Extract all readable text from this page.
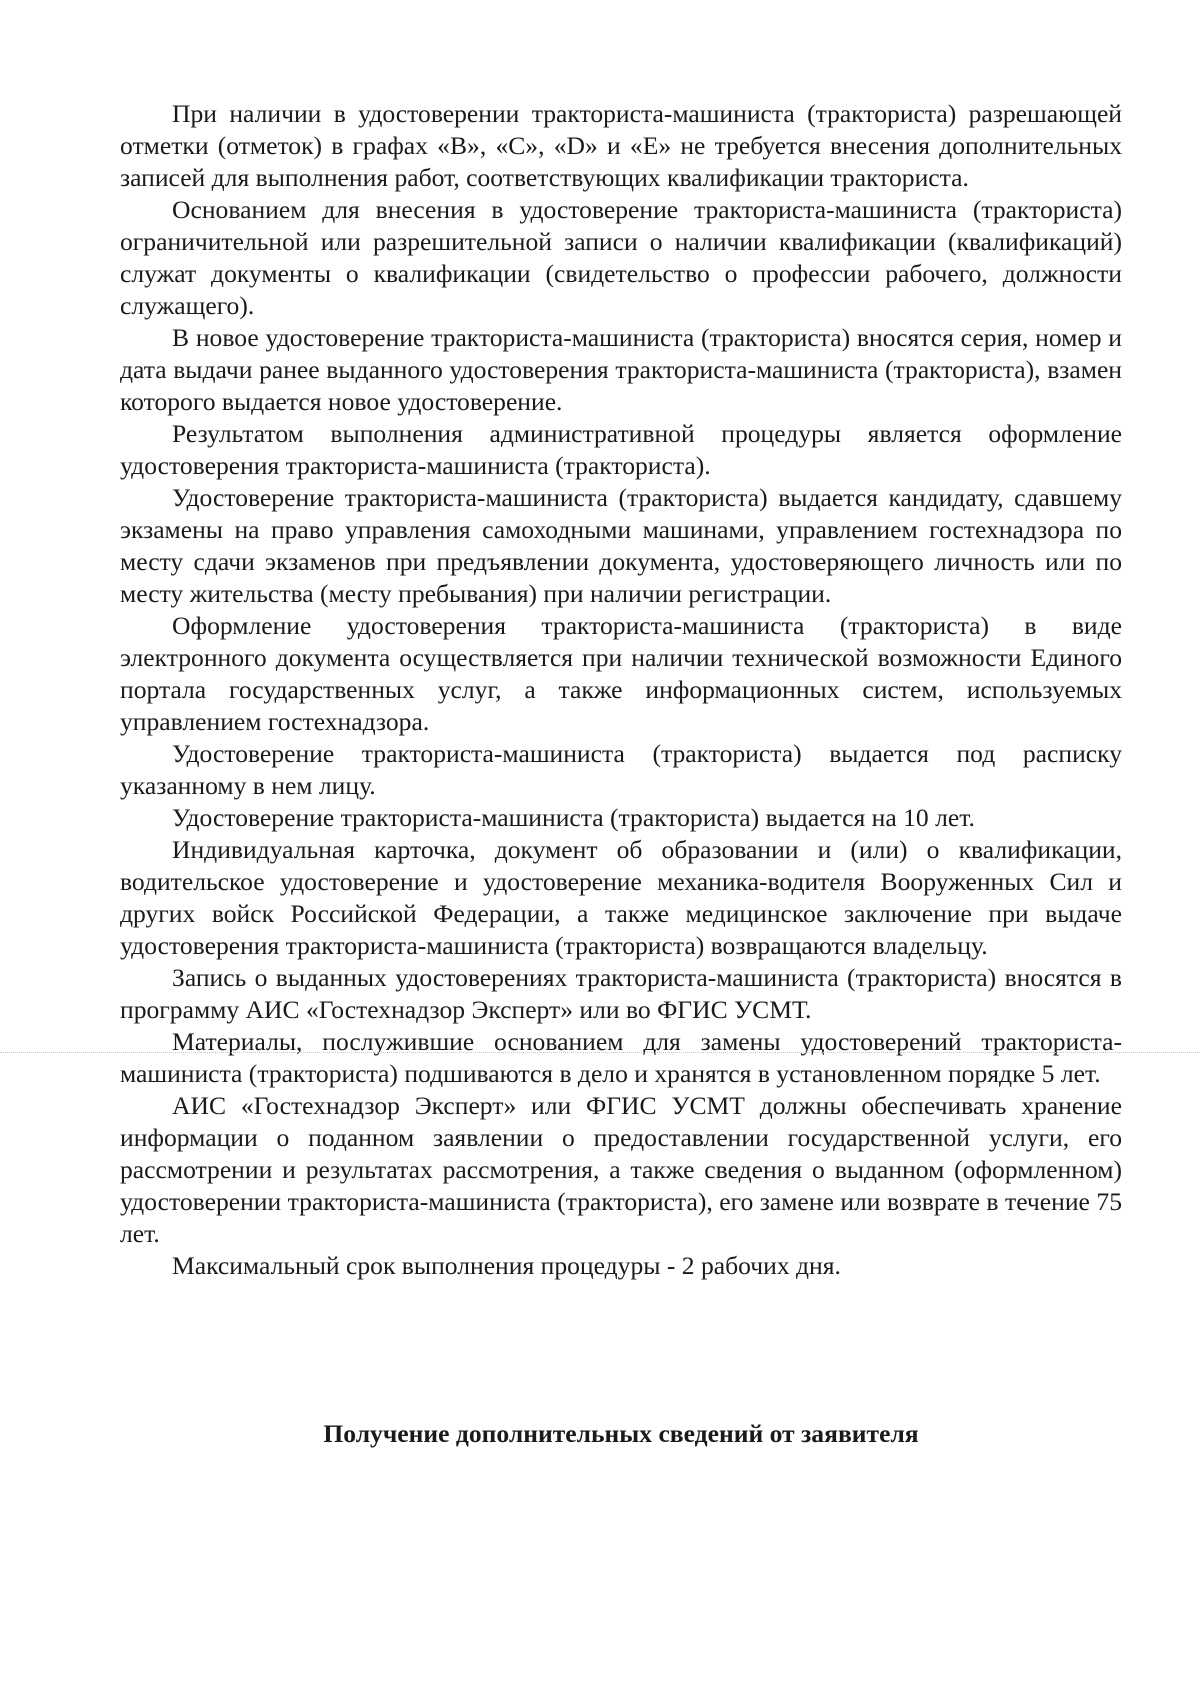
При наличии в удостоверении тракториста-машиниста (тракториста) разрешающей отметки (отметок) в графах «В», «С», «D» и «Е» не требуется внесения дополнительных записей для выполнения работ, соответствующих квалификации тракториста.

Основанием для внесения в удостоверение тракториста-машиниста (тракториста) ограничительной или разрешительной записи о наличии квалификации (квалификаций) служат документы о квалификации (свидетельство о профессии рабочего, должности служащего).

В новое удостоверение тракториста-машиниста (тракториста) вносятся серия, номер и дата выдачи ранее выданного удостоверения тракториста-машиниста (тракториста), взамен которого выдается новое удостоверение.

Результатом выполнения административной процедуры является оформление удостоверения тракториста-машиниста (тракториста).

Удостоверение тракториста-машиниста (тракториста) выдается кандидату, сдавшему экзамены на право управления самоходными машинами, управлением гостехнадзора по месту сдачи экзаменов при предъявлении документа, удостоверяющего личность или по месту жительства (месту пребывания) при наличии регистрации.

Оформление удостоверения тракториста-машиниста (тракториста) в виде электронного документа осуществляется при наличии технической возможности Единого портала государственных услуг, а также информационных систем, используемых управлением гостехнадзора.

Удостоверение тракториста-машиниста (тракториста) выдается под расписку указанному в нем лицу.

Удостоверение тракториста-машиниста (тракториста) выдается на 10 лет.

Индивидуальная карточка, документ об образовании и (или) о квалификации, водительское удостоверение и удостоверение механика-водителя Вооруженных Сил и других войск Российской Федерации, а также медицинское заключение при выдаче удостоверения тракториста-машиниста (тракториста) возвращаются владельцу.

Запись о выданных удостоверениях тракториста-машиниста (тракториста) вносятся в программу АИС «Гостехнадзор Эксперт» или во ФГИС УСМТ.

Материалы, послужившие основанием для замены удостоверений тракториста-машиниста (тракториста) подшиваются в дело и хранятся в установленном порядке 5 лет.

АИС «Гостехнадзор Эксперт» или ФГИС УСМТ должны обеспечивать хранение информации о поданном заявлении о предоставлении государственной услуги, его рассмотрении и результатах рассмотрения, а также сведения о выданном (оформленном) удостоверении тракториста-машиниста (тракториста), его замене или возврате в течение 75 лет.

Максимальный срок выполнения процедуры - 2 рабочих дня.

Получение дополнительных сведений от заявителя
